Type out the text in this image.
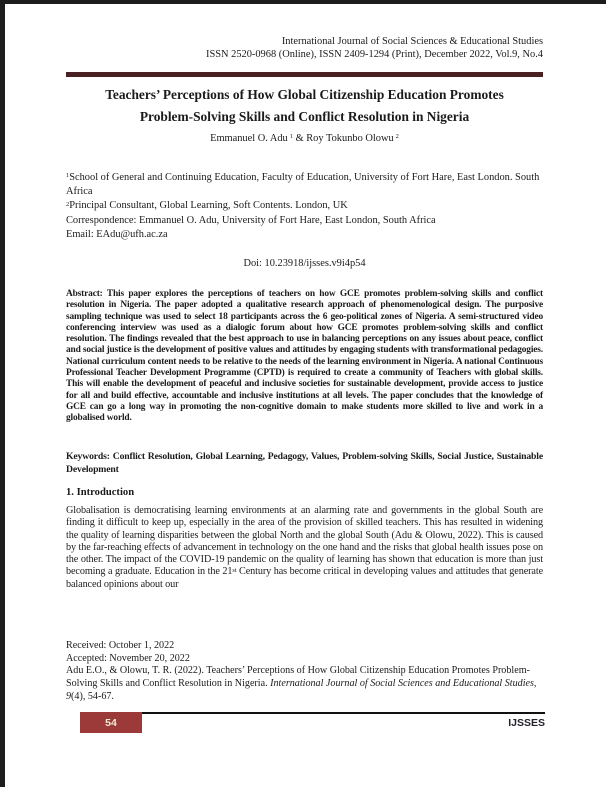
International Journal of Social Sciences & Educational Studies
ISSN 2520-0968 (Online), ISSN 2409-1294 (Print), December 2022, Vol.9, No.4
Teachers’ Perceptions of How Global Citizenship Education Promotes
Problem-Solving Skills and Conflict Resolution in Nigeria
Emmanuel O. Adu $^1$ & Roy Tokunbo Olowu $^2$

$^1$School of General and Continuing Education, Faculty of Education, University of Fort Hare, East London. South Africa

$^2$Principal Consultant, Global Learning, Soft Contents. London, UK

Correspondence: Emmanuel O. Adu, University of Fort Hare, East London, South Africa

Email: EAdu@ufh.ac.za

Doi: 10.23918/ijsses.v9i4p54
Abstract: This paper explores the perceptions of teachers on how GCE promotes problem-solving skills and conflict resolution in Nigeria. The paper adopted a qualitative research approach of phenomenological design. The purposive sampling technique was used to select 18 participants across the 6 geo-political zones of Nigeria. A semi-structured video conferencing interview was used as a dialogic forum about how GCE promotes problem-solving skills and conflict resolution. The findings revealed that the best approach to use in balancing perceptions on any issues about peace, conflict and social justice is the development of positive values and attitudes by engaging students with transformational pedagogies. National curriculum content needs to be relative to the needs of the learning environment in Nigeria. A national Continuous Professional Teacher Development Programme (CPTD) is required to create a community of Teachers with global skills. This will enable the development of peaceful and inclusive societies for sustainable development, provide access to justice for all and build effective, accountable and inclusive institutions at all levels. The paper concludes that the knowledge of GCE can go a long way in promoting the non-cognitive domain to make students more skilled to live and work in a globalised world.
Keywords: Conflict Resolution, Global Learning, Pedagogy, Values, Problem-solving Skills, Social Justice, Sustainable Development
1. Introduction
Globalisation is democratising learning environments at an alarming rate and governments in the global South are finding it difficult to keep up, especially in the area of the provision of skilled teachers. This has resulted in widening the quality of learning disparities between the global North and the global South (Adu & Olowu, 2022). This is caused by the far-reaching effects of advancement in technology on the one hand and the risks that global health issues pose on the other. The impact of the COVID-19 pandemic on the quality of learning has shown that education is more than just becoming a graduate. Education in the 21st Century has become critical in developing values and attitudes that generate balanced opinions about our

Received: October 1, 2022

Accepted: November 20, 2022

Adu E.O., & Olowu, T. R. (2022). Teachers’ Perceptions of How Global Citizenship Education Promotes Problem-Solving Skills and Conflict Resolution in Nigeria. International Journal of Social Sciences and Educational Studies, 9(4), 54-67.

54	IJSSES
